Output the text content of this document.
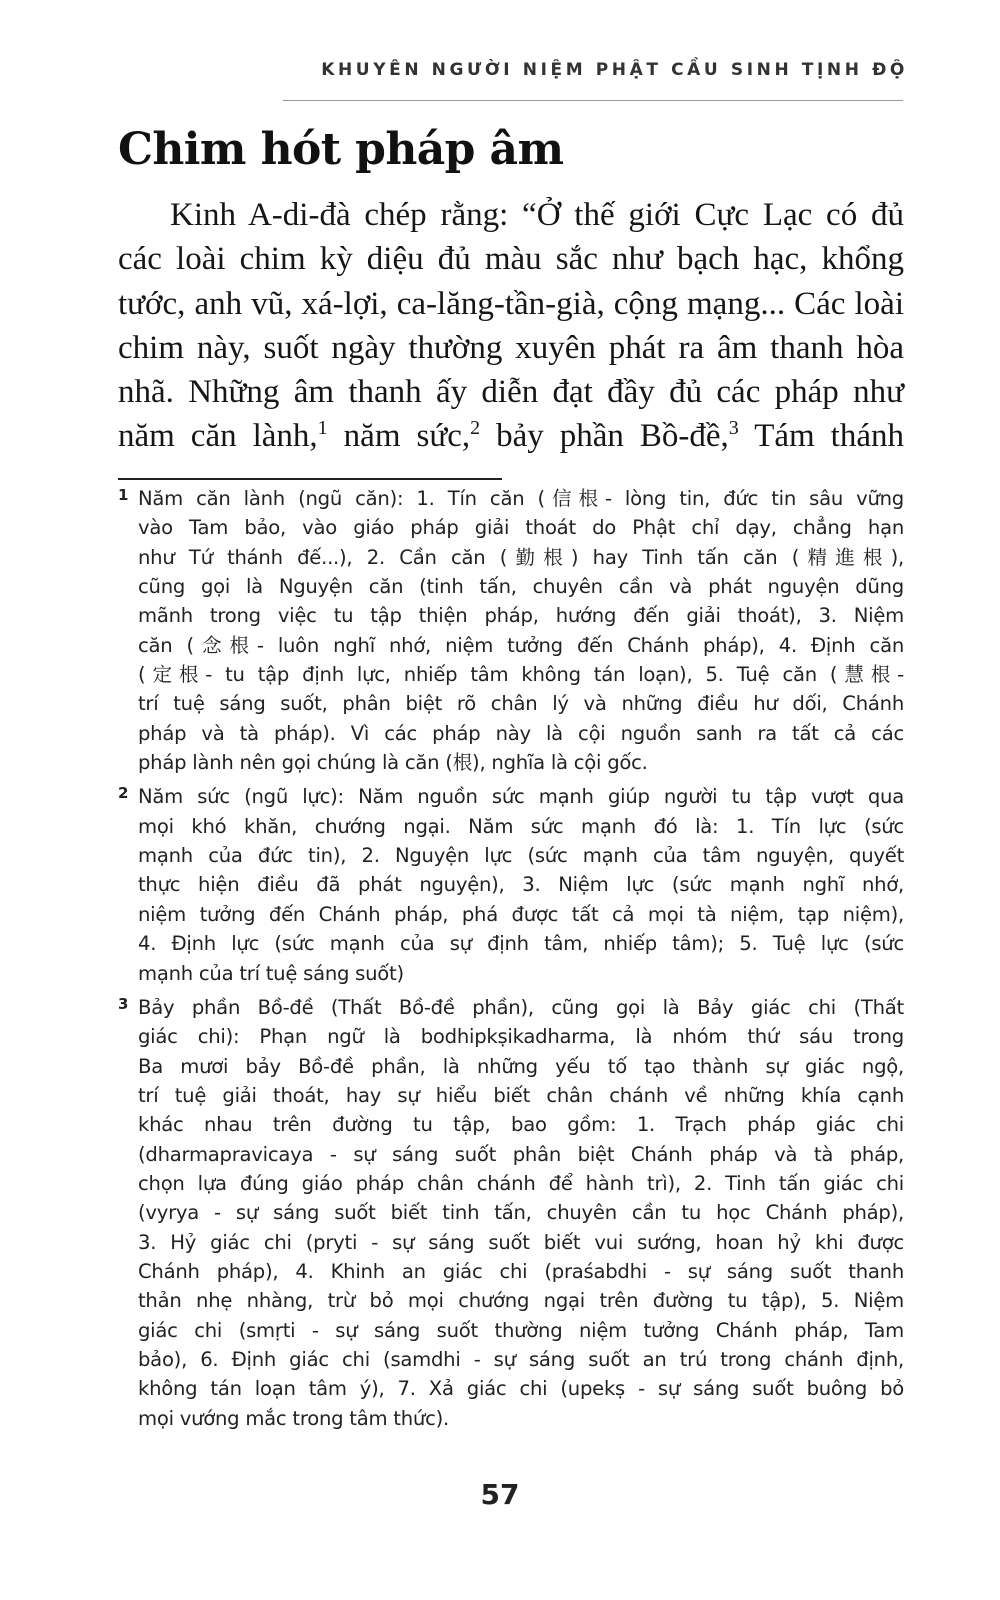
KHUYÊN NGƯỜI NIỆM PHẬT CẦU SINH TỊNH ĐỘ
Chim hót pháp âm
Kinh A-di-đà chép rằng: “Ở thế giới Cực Lạc có đủ
các loài chim kỳ diệu đủ màu sắc như bạch hạc, khổng
tước, anh vũ, xá-lợi, ca-lăng-tần-già, cộng mạng... Các loài
chim này, suốt ngày thường xuyên phát ra âm thanh hòa
nhã. Những âm thanh ấy diễn đạt đầy đủ các pháp như
năm căn lành,$^1$ năm sức,$^2$ bảy phần Bồ-đề,$^3$ Tám thánh
1 Năm căn lành (ngũ căn): 1. Tín căn (信根- lòng tin, đức tin sâu vững
vào Tam bảo, vào giáo pháp giải thoát do Phật chỉ dạy, chẳng hạn
như Tứ thánh đế...), 2. Cần căn (勤根) hay Tinh tấn căn (精進根),
cũng gọi là Nguyện căn (tinh tấn, chuyên cần và phát nguyện dũng
mãnh trong việc tu tập thiện pháp, hướng đến giải thoát), 3. Niệm
căn (念根- luôn nghĩ nhớ, niệm tưởng đến Chánh pháp), 4. Định căn
(定根- tu tập định lực, nhiếp tâm không tán loạn), 5. Tuệ căn (慧根-
trí tuệ sáng suốt, phân biệt rõ chân lý và những điều hư dối, Chánh
pháp và tà pháp). Vì các pháp này là cội nguồn sanh ra tất cả các
pháp lành nên gọi chúng là căn (根), nghĩa là cội gốc.
2 Năm sức (ngũ lực): Năm nguồn sức mạnh giúp người tu tập vượt qua
mọi khó khăn, chướng ngại. Năm sức mạnh đó là: 1. Tín lực (sức
mạnh của đức tin), 2. Nguyện lực (sức mạnh của tâm nguyện, quyết
thực hiện điều đã phát nguyện), 3. Niệm lực (sức mạnh nghĩ nhớ,
niệm tưởng đến Chánh pháp, phá được tất cả mọi tà niệm, tạp niệm),
4. Định lực (sức mạnh của sự định tâm, nhiếp tâm); 5. Tuệ lực (sức
mạnh của trí tuệ sáng suốt)
3 Bảy phần Bồ-đề (Thất Bồ-đề phần), cũng gọi là Bảy giác chi (Thất
giác chi): Phạn ngữ là bodhipkṣikadharma, là nhóm thứ sáu trong
Ba mươi bảy Bồ-đề phần, là những yếu tố tạo thành sự giác ngộ,
trí tuệ giải thoát, hay sự hiểu biết chân chánh về những khía cạnh
khác nhau trên đường tu tập, bao gồm: 1. Trạch pháp giác chi
(dharmapravicaya - sự sáng suốt phân biệt Chánh pháp và tà pháp,
chọn lựa đúng giáo pháp chân chánh để hành trì), 2. Tinh tấn giác chi
(vyrya - sự sáng suốt biết tinh tấn, chuyên cần tu học Chánh pháp),
3. Hỷ giác chi (pryti - sự sáng suốt biết vui sướng, hoan hỷ khi được
Chánh pháp), 4. Khinh an giác chi (praśabdhi - sự sáng suốt thanh
thản nhẹ nhàng, trừ bỏ mọi chướng ngại trên đường tu tập), 5. Niệm
giác chi (smṛti - sự sáng suốt thường niệm tưởng Chánh pháp, Tam
bảo), 6. Định giác chi (samdhi - sự sáng suốt an trú trong chánh định,
không tán loạn tâm ý), 7. Xả giác chi (upekṣ - sự sáng suốt buông bỏ
mọi vướng mắc trong tâm thức).
57
